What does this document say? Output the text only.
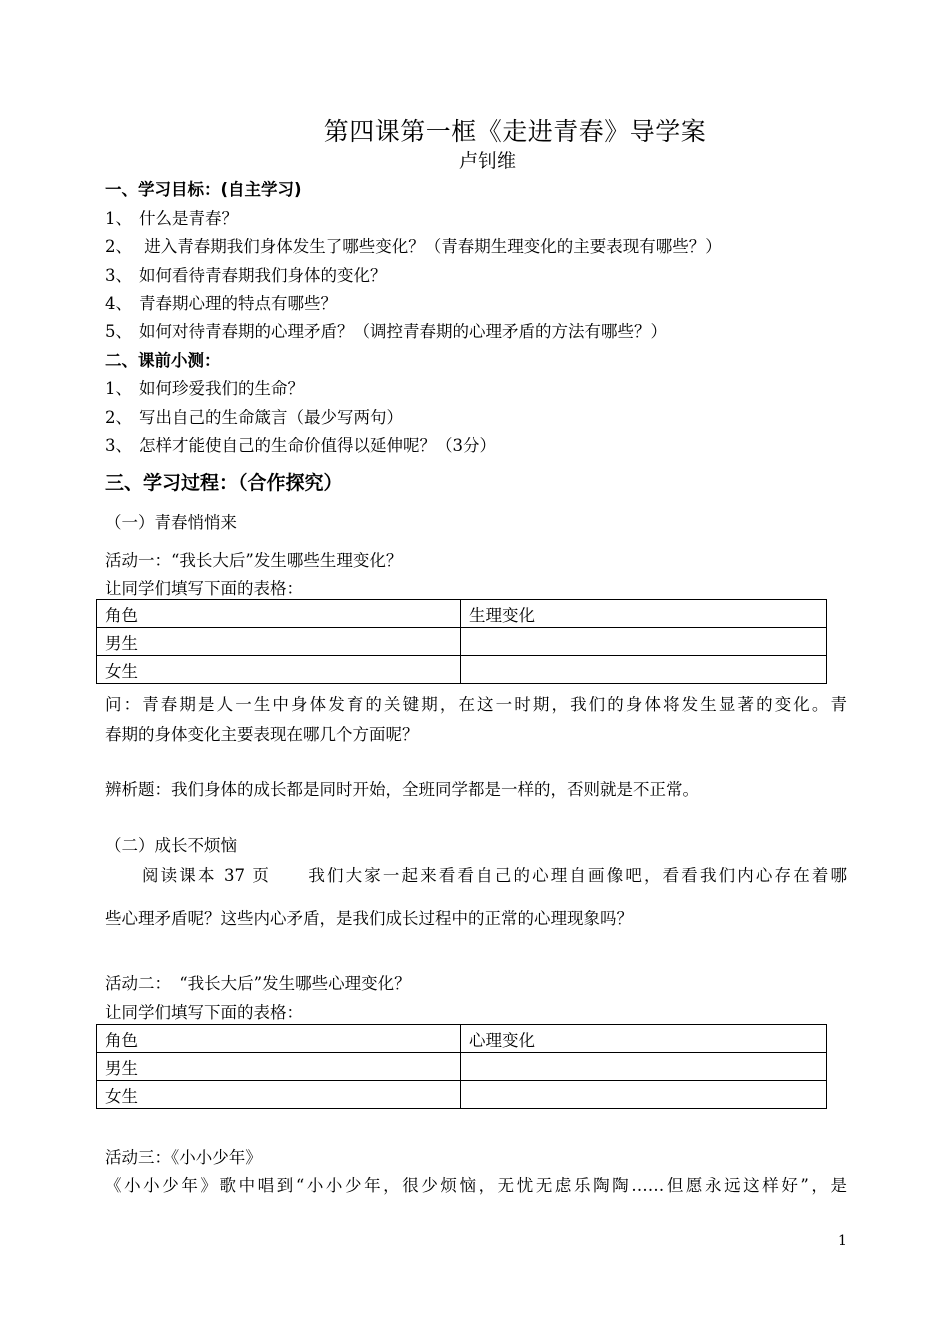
第四课第一框《走进青春》导学案
卢钊维
一、学习目标：(自主学习)
1、 什么是青春？
2、 进入青春期我们身体发生了哪些变化？（青春期生理变化的主要表现有哪些？）
3、 如何看待青春期我们身体的变化？
4、 青春期心理的特点有哪些？
5、 如何对待青春期的心理矛盾？（调控青春期的心理矛盾的方法有哪些？）
二、课前小测：
1、 如何珍爱我们的生命？
2、 写出自己的生命箴言（最少写两句）
3、 怎样才能使自己的生命价值得以延伸呢？（3分）
三、学习过程：（合作探究）
（一）青春悄悄来
活动一：“我长大后”发生哪些生理变化？
让同学们填写下面的表格：
角色	生理变化
男生	
女生	
问：青春期是人一生中身体发育的关键期，在这一时期，我们的身体将发生显著的变化。青
春期的身体变化主要表现在哪几个方面呢？
辨析题：我们身体的成长都是同时开始，全班同学都是一样的，否则就是不正常。
（二）成长不烦恼
阅读课本 37 页　　我们大家一起来看看自己的心理自画像吧，看看我们内心存在着哪
些心理矛盾呢？这些内心矛盾，是我们成长过程中的正常的心理现象吗？
活动二：　“我长大后”发生哪些心理变化？
让同学们填写下面的表格：
角色	心理变化
男生	
女生	
活动三：《小小少年》
《小小少年》歌中唱到“小小少年，很少烦恼，无忧无虑乐陶陶……但愿永远这样好”，是
1
